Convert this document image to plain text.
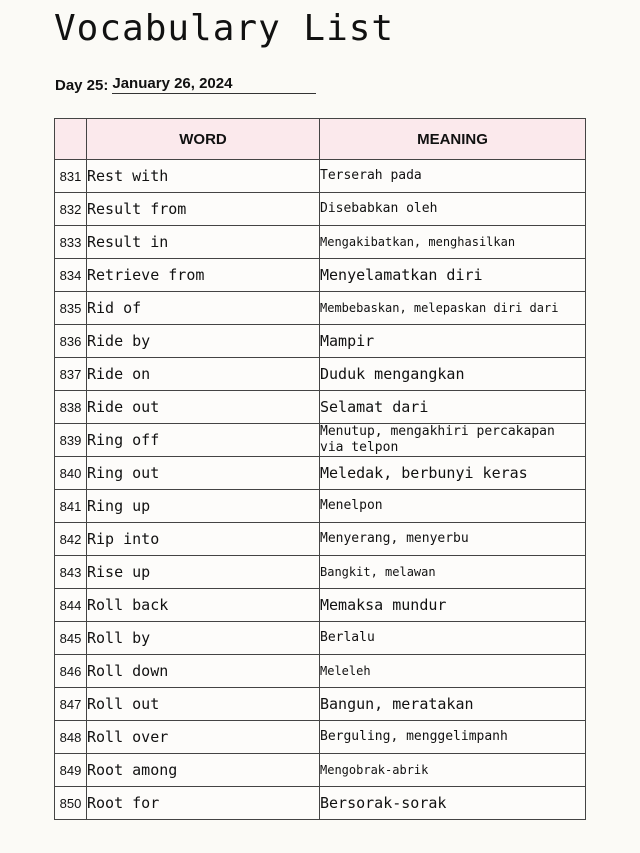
Vocabulary List
Day 25: January 26, 2024
	WORD	MEANING
831	Rest with	Terserah pada
832	Result from	Disebabkan oleh
833	Result in	Mengakibatkan, menghasilkan
834	Retrieve from	Menyelamatkan diri
835	Rid of	Membebaskan, melepaskan diri dari
836	Ride by	Mampir
837	Ride on	Duduk mengangkan
838	Ride out	Selamat dari
839	Ring off	Menutup, mengakhiri percakapan via telpon
840	Ring out	Meledak, berbunyi keras
841	Ring up	Menelpon
842	Rip into	Menyerang, menyerbu
843	Rise up	Bangkit, melawan
844	Roll back	Memaksa mundur
845	Roll by	Berlalu
846	Roll down	Meleleh
847	Roll out	Bangun, meratakan
848	Roll over	Berguling, menggelimpanh
849	Root among	Mengobrak-abrik
850	Root for	Bersorak-sorak
